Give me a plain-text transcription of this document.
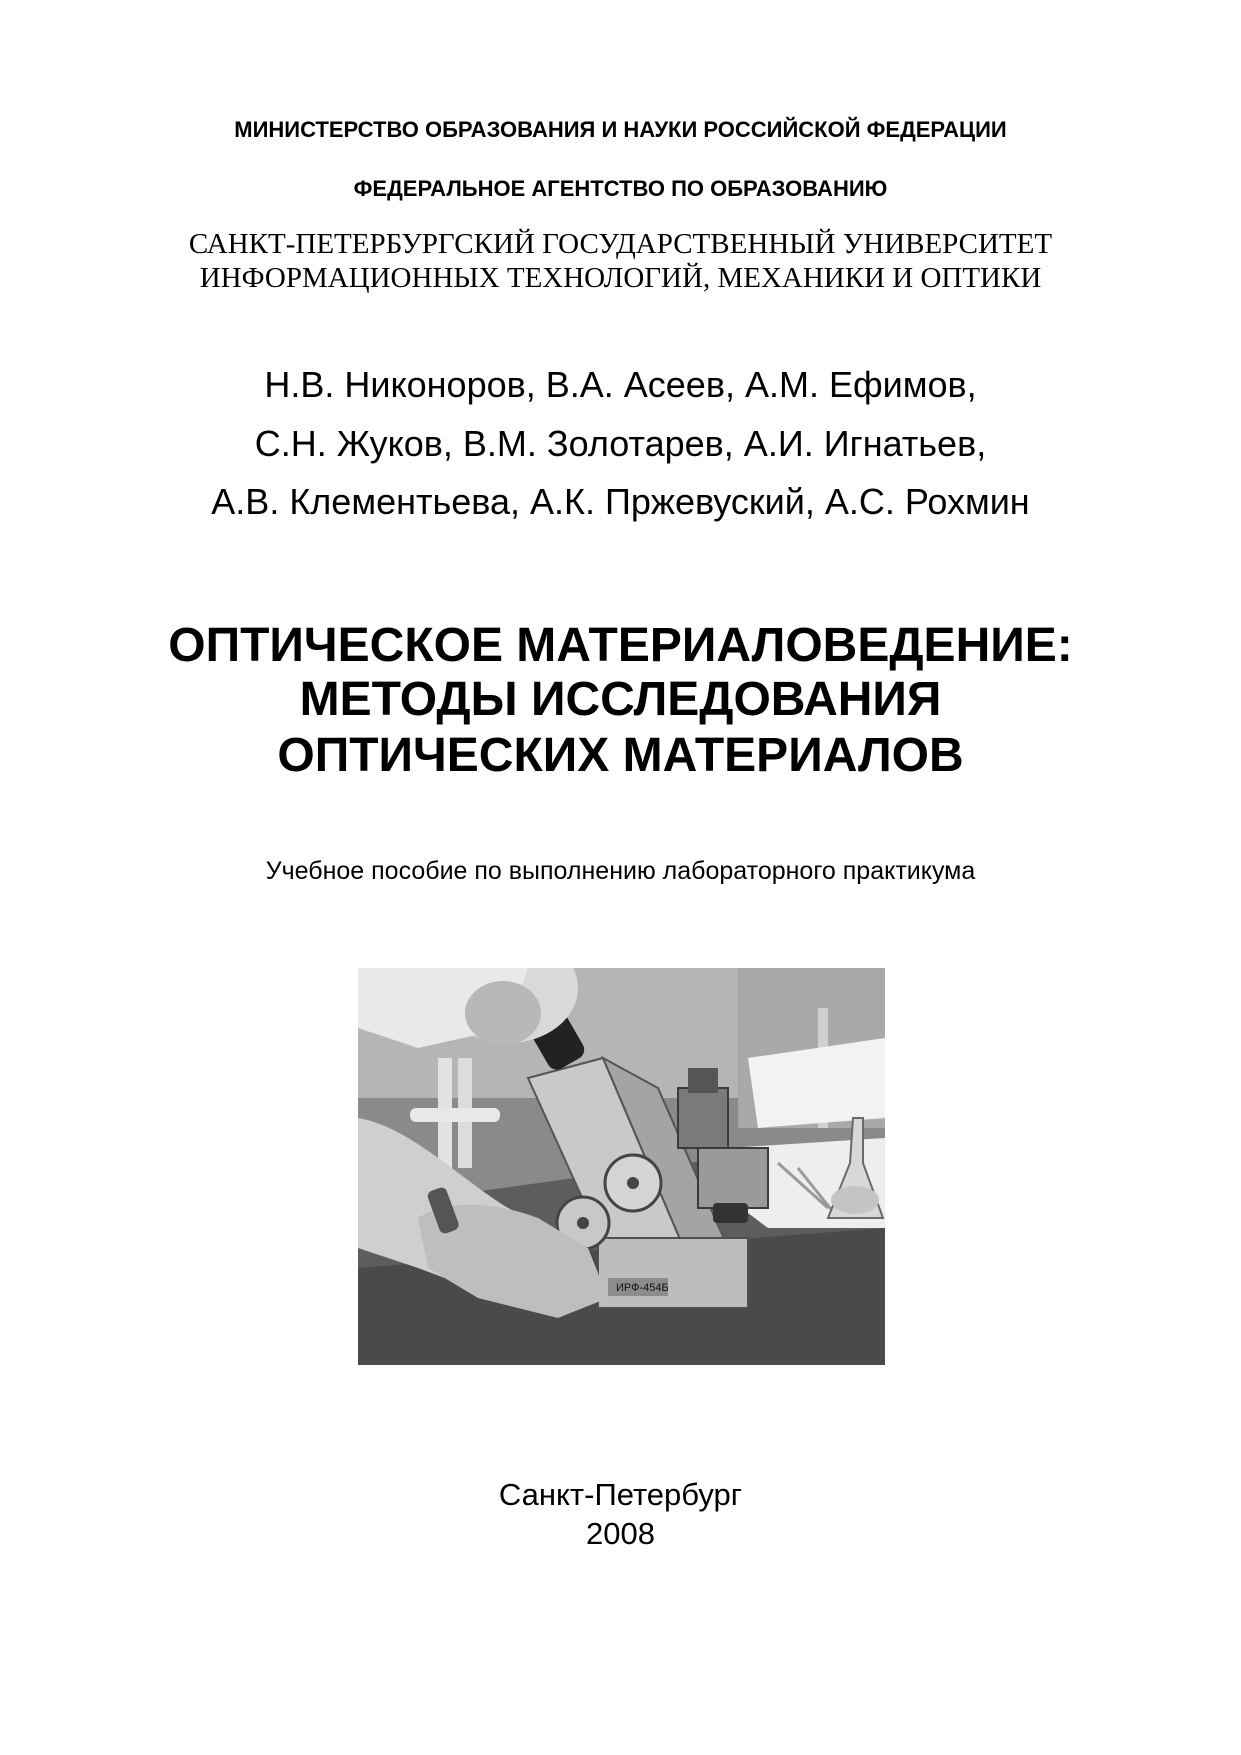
МИНИСТЕРСТВО ОБРАЗОВАНИЯ И НАУКИ РОССИЙСКОЙ ФЕДЕРАЦИИ
ФЕДЕРАЛЬНОЕ АГЕНТСТВО ПО ОБРАЗОВАНИЮ
САНКТ-ПЕТЕРБУРГСКИЙ ГОСУДАРСТВЕННЫЙ УНИВЕРСИТЕТ
ИНФОРМАЦИОННЫХ ТЕХНОЛОГИЙ, МЕХАНИКИ И ОПТИКИ
Н.В. Никоноров, В.А. Асеев, А.М. Ефимов,
С.Н. Жуков, В.М. Золотарев, А.И. Игнатьев,
А.В. Клементьева, А.К. Пржевуский, А.С. Рохмин
ОПТИЧЕСКОЕ МАТЕРИАЛОВЕДЕНИЕ:
МЕТОДЫ ИССЛЕДОВАНИЯ
ОПТИЧЕСКИХ МАТЕРИАЛОВ
Учебное пособие по выполнению лабораторного практикума
ИРФ-454Б
Санкт-Петербург
2008
